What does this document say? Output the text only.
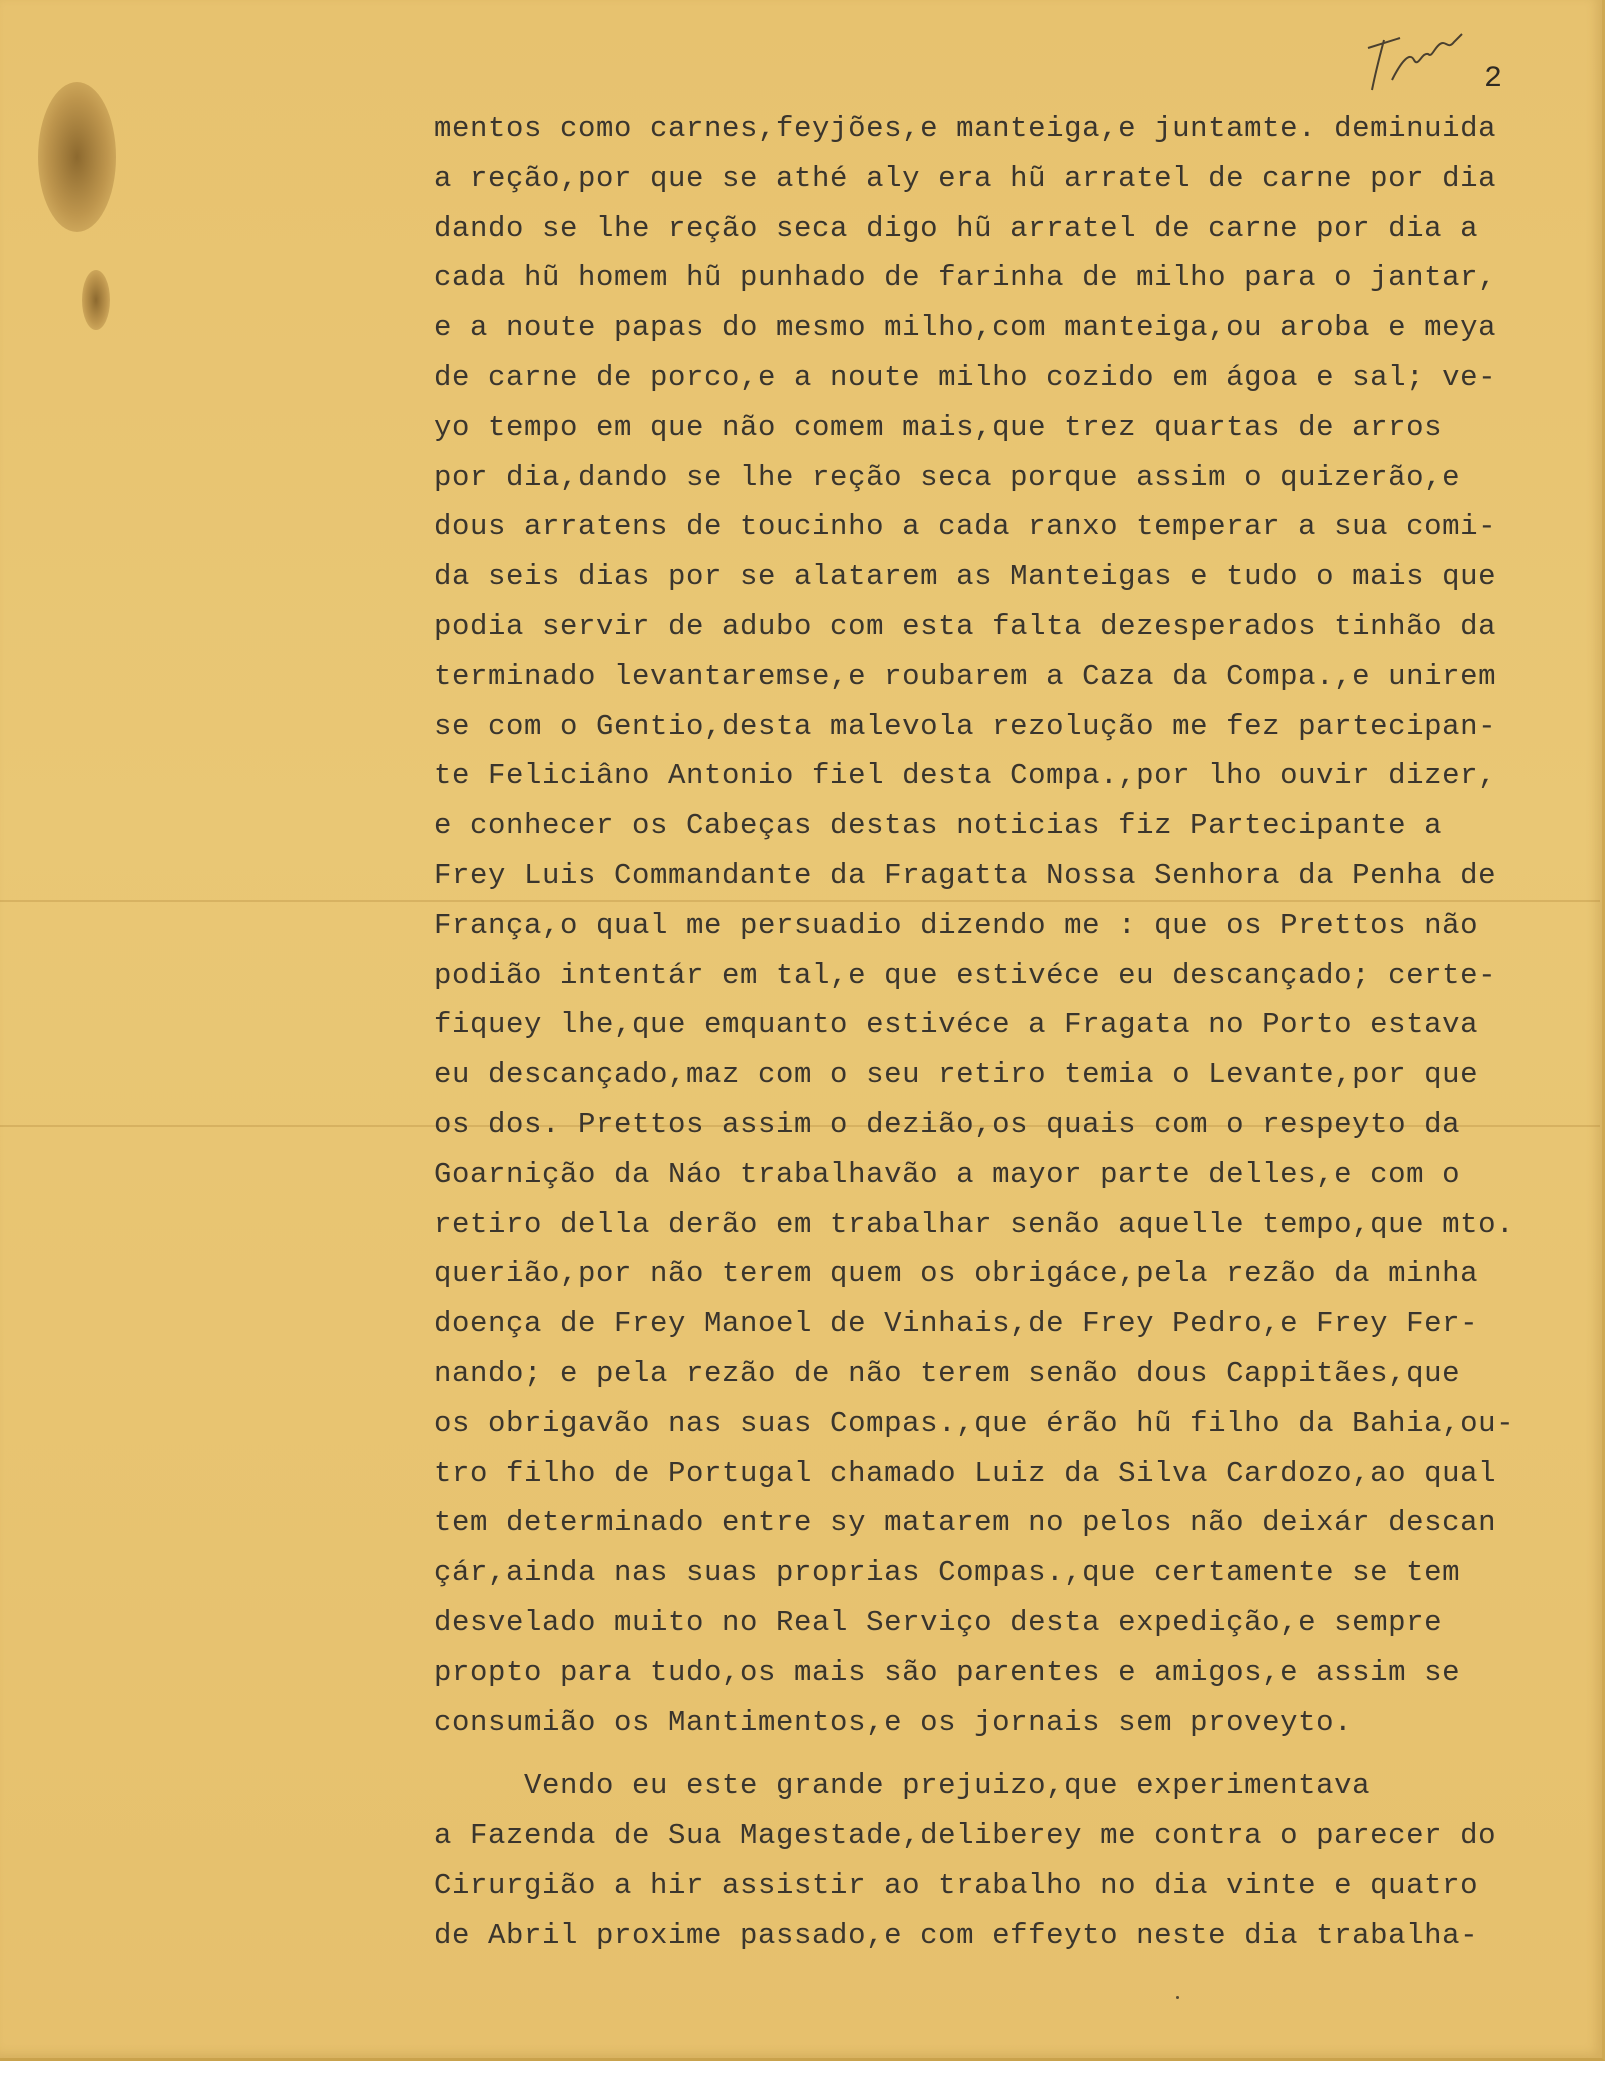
2
mentos como carnes,feyjões,e manteiga,e juntamte. deminuida
a reção,por que se athé aly era hũ arratel de carne por dia
dando se lhe reção seca digo hũ arratel de carne por dia a
cada hũ homem hũ punhado de farinha de milho para o jantar,
e a noute papas do mesmo milho,com manteiga,ou aroba e meya
de carne de porco,e a noute milho cozido em ágoa e sal; ve-
yo tempo em que não comem mais,que trez quartas de arros
por dia,dando se lhe reção seca porque assim o quizerão,e
dous arratens de toucinho a cada ranxo temperar a sua comi-
da seis dias por se alatarem as Manteigas e tudo o mais que
podia servir de adubo com esta falta dezesperados tinhão da
terminado levantaremse,e roubarem a Caza da Compa.,e unirem
se com o Gentio,desta malevola rezolução me fez partecipan-
te Feliciâno Antonio fiel desta Compa.,por lho ouvir dizer,
e conhecer os Cabeças destas noticias fiz Partecipante a
Frey Luis Commandante da Fragatta Nossa Senhora da Penha de
França,o qual me persuadio dizendo me : que os Prettos não
podião intentár em tal,e que estivéce eu descançado; certe-
fiquey lhe,que emquanto estivéce a Fragata no Porto estava
eu descançado,maz com o seu retiro temia o Levante,por que
os dos. Prettos assim o dezião,os quais com o respeyto da
Goarnição da Náo trabalhavão a mayor parte delles,e com o
retiro della derão em trabalhar senão aquelle tempo,que mto.
querião,por não terem quem os obrigáce,pela rezão da minha
doença de Frey Manoel de Vinhais,de Frey Pedro,e Frey Fer-
nando; e pela rezão de não terem senão dous Cappitães,que
os obrigavão nas suas Compas.,que érão hũ filho da Bahia,ou-
tro filho de Portugal chamado Luiz da Silva Cardozo,ao qual
tem determinado entre sy matarem no pelos não deixár descan
çár,ainda nas suas proprias Compas.,que certamente se tem
desvelado muito no Real Serviço desta expedição,e sempre
propto para tudo,os mais são parentes e amigos,e assim se
consumião os Mantimentos,e os jornais sem proveyto.
Vendo eu este grande prejuizo,que experimentava
a Fazenda de Sua Magestade,deliberey me contra o parecer do
Cirurgião a hir assistir ao trabalho no dia vinte e quatro
de Abril proxime passado,e com effeyto neste dia trabalha-
